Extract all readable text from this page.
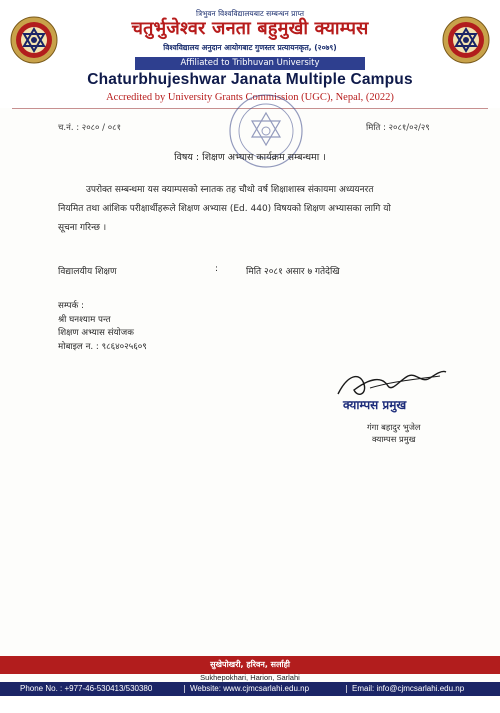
त्रिभुवन विश्वविद्यालयबाट सम्बन्धन प्राप्त
चतुर्भुजेश्वर जनता बहुमुखी क्याम्पस
विश्वविद्यालय अनुदान आयोगबाट गुणस्तर प्रत्यायनकृत, (२०७९)
Affiliated to Tribhuvan University
Chaturbhujeshwar Janata Multiple Campus
Accredited by University Grants Commission (UGC), Nepal, (2022)
च.नं. : २०८० / ०८१	मिति : २०८१/०२/२९
विषय : शिक्षण अभ्यास कार्यक्रम सम्बन्धमा ।
उपरोक्त सम्बन्धमा यस क्याम्पसको स्नातक तह चौथो वर्ष शिक्षाशास्त्र संकायमा अध्ययनरत
नियमित तथा आंशिक परीक्षार्थीहरूले शिक्षण अभ्यास (Ed. 440) विषयको शिक्षण अभ्यासका लागि यो
सूचना गरिन्छ ।
विद्यालयीय शिक्षण	:	मिति २०८१ असार ७ गतेदेखि
सम्पर्क :
श्री घनश्याम पन्त
शिक्षण अभ्यास संयोजक
मोबाइल न. : ९८६४०२५६०९
क्याम्पस प्रमुख
गंगा बहादुर भुजेल
क्याम्पस प्रमुख
सुखेपोखरी, हरिवन, सर्लाही
Sukhepokhari, Harion, Sarlahi
Phone No. : +977-46-530413/530380	| Website: www.cjmcsarlahi.edu.np	| Email: info@cjmcsarlahi.edu.np
